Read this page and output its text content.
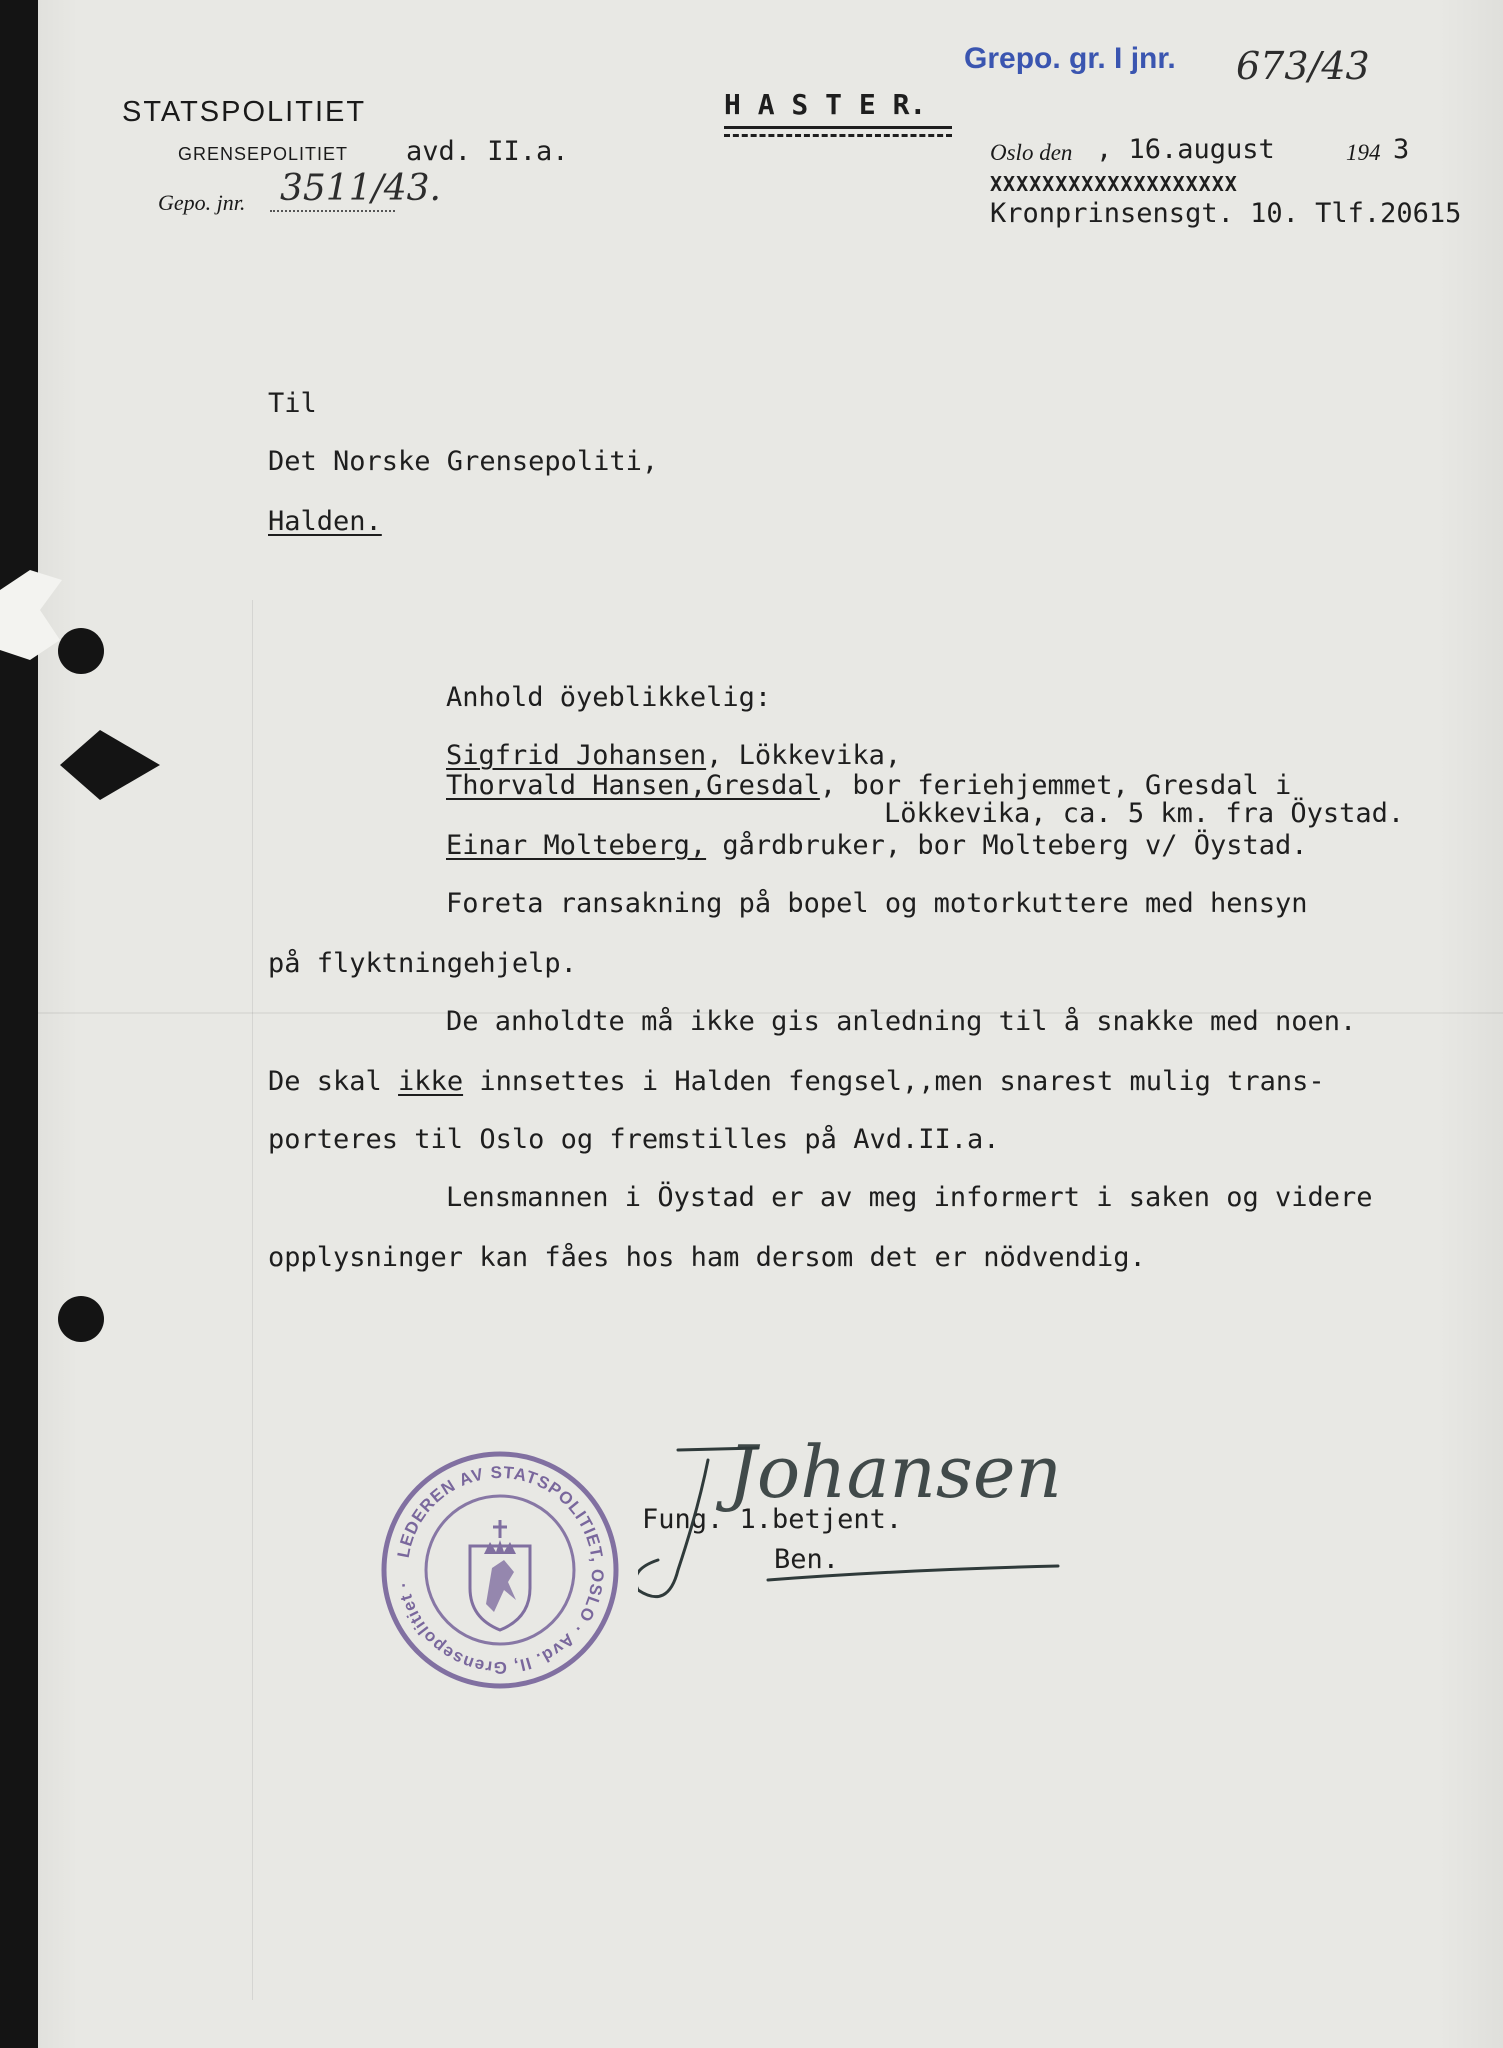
STATSPOLITIET
GRENSEPOLITIET avd. II.a.
Gepo. jnr. 3511/43.
H A S T E R.
Grepo. gr. I jnr. 673/43
Oslo den , 16.august	194 3
XXXXXXXXXXXXXXXXXXX
Kronprinsensgt. 10. Tlf.20615
Til
Det Norske Grensepoliti,
Halden.
Anhold öyeblikkelig:
Sigfrid Johansen, Lökkevika,
Thorvald Hansen,Gresdal, bor feriehjemmet, Gresdal i
Lökkevika, ca. 5 km. fra Öystad.
Einar Molteberg, gårdbruker, bor Molteberg v/ Öystad.
Foreta ransakning på bopel og motorkuttere med hensyn
på flyktningehjelp.
De anholdte må ikke gis anledning til å snakke med noen.
De skal ikke innsettes i Halden fengsel,,men snarest mulig trans-
porteres til Oslo og fremstilles på Avd.II.a.
Lensmannen i Öystad er av meg informert i saken og videre
opplysninger kan fåes hos ham dersom det er nödvendig.
LEDEREN AV STATSPOLITIET, OSLO · Avd. II, Grensepolitiet ·
Fung. 1.betjent.
Ben.
Johansen
